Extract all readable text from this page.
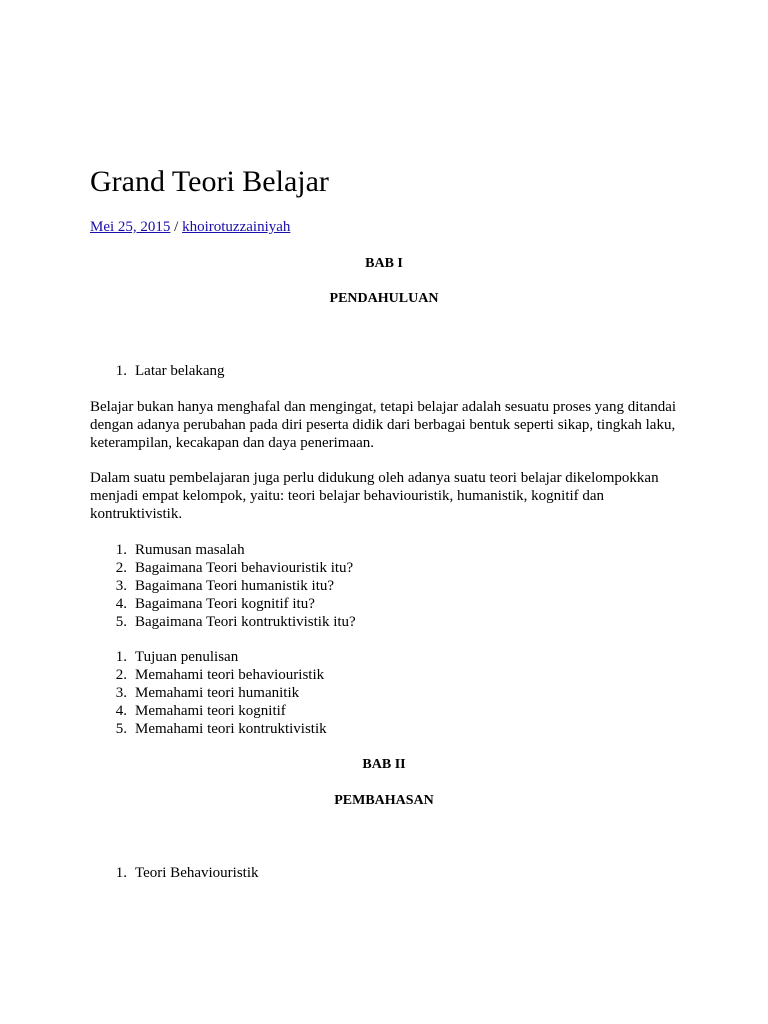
Grand Teori Belajar
Mei 25, 2015 / khoirotuzzainiyah
BAB I
PENDAHULUAN
1. Latar belakang

Belajar bukan hanya menghafal dan mengingat, tetapi belajar adalah sesuatu proses yang ditandai dengan adanya perubahan pada diri peserta didik dari berbagai bentuk seperti sikap, tingkah laku, keterampilan, kecakapan dan daya penerimaan.

Dalam suatu pembelajaran juga perlu didukung oleh adanya suatu teori belajar dikelompokkan menjadi empat kelompok, yaitu: teori belajar behaviouristik, humanistik, kognitif dan kontruktivistik.

1. Rumusan masalah
2. Bagaimana Teori behaviouristik itu?
3. Bagaimana Teori humanistik itu?
4. Bagaimana Teori kognitif itu?
5. Bagaimana Teori kontruktivistik itu?
1. Tujuan penulisan
2. Memahami teori behaviouristik
3. Memahami teori humanitik
4. Memahami teori kognitif
5. Memahami teori kontruktivistik
BAB II
PEMBAHASAN
1. Teori Behaviouristik
